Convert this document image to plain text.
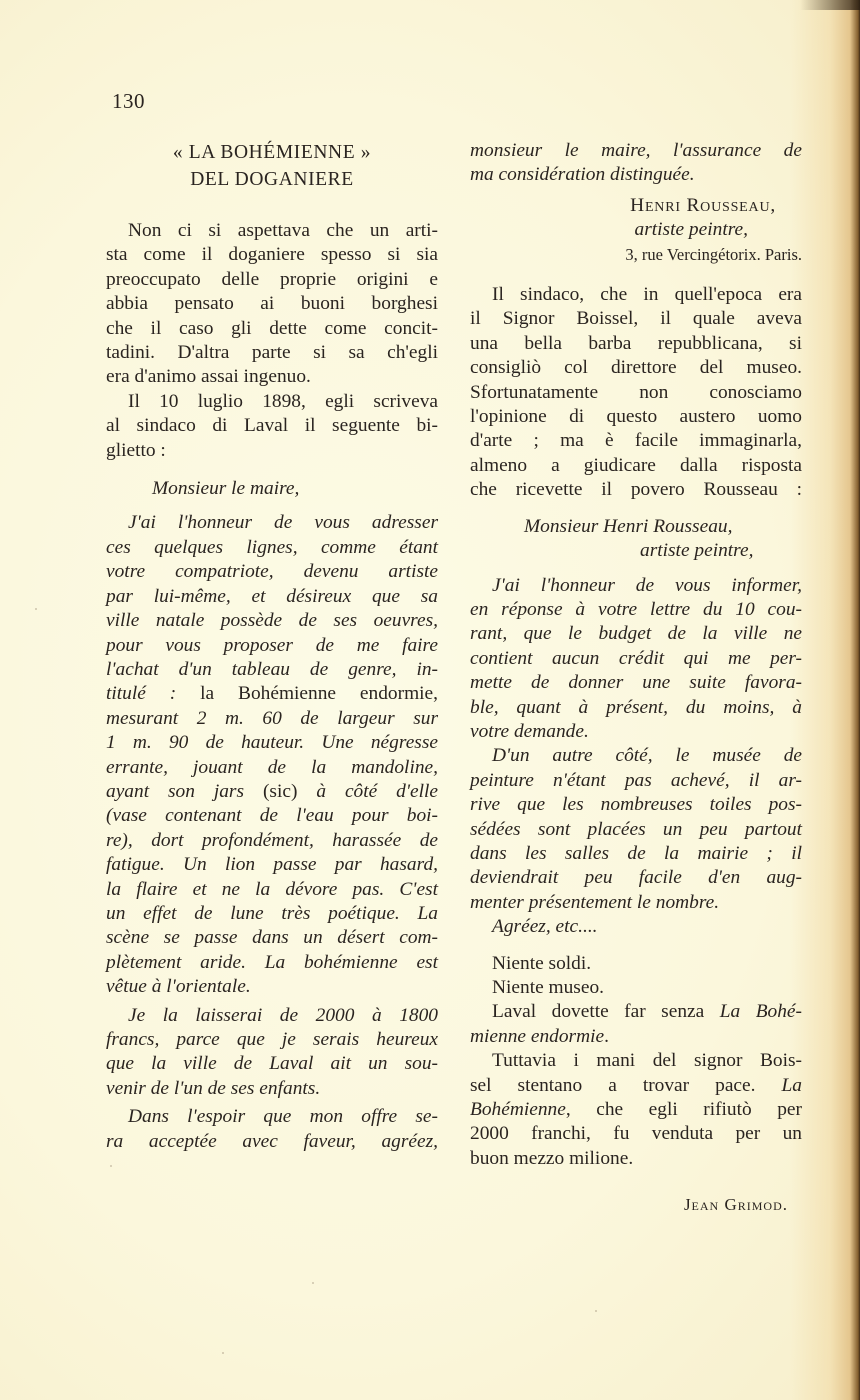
130
« LA BOHÉMIENNE »
DEL DOGANIERE

Non ci si aspettava che un arti-
sta come il doganiere spesso si sia
preoccupato delle proprie origini e
abbia pensato ai buoni borghesi
che il caso gli dette come concit-
tadini. D'altra parte si sa ch'egli
era d'animo assai ingenuo.

Il 10 luglio 1898, egli scriveva
al sindaco di Laval il seguente bi-
glietto :

Monsieur le maire,

J'ai l'honneur de vous adresser
ces quelques lignes, comme étant
votre compatriote, devenu artiste
par lui-même, et désireux que sa
ville natale possède de ses oeuvres,
pour vous proposer de me faire
l'achat d'un tableau de genre, in-
titulé : la Bohémienne endormie,
mesurant 2 m. 60 de largeur sur
1 m. 90 de hauteur. Une négresse
errante, jouant de la mandoline,
ayant son jars (sic) à côté d'elle
(vase contenant de l'eau pour boi-
re), dort profondément, harassée de
fatigue. Un lion passe par hasard,
la flaire et ne la dévore pas. C'est
un effet de lune très poétique. La
scène se passe dans un désert com-
plètement aride. La bohémienne est
vêtue à l'orientale.

Je la laisserai de 2000 à 1800
francs, parce que je serais heureux
que la ville de Laval ait un sou-
venir de l'un de ses enfants.

Dans l'espoir que mon offre se-
ra acceptée avec faveur, agréez,

monsieur le maire, l'assurance de
ma considération distinguée.

Henri Rousseau,
artiste peintre,
3, rue Vercingétorix. Paris.

Il sindaco, che in quell'epoca era
il Signor Boissel, il quale aveva
una bella barba repubblicana, si
consigliò col direttore del museo.
Sfortunatamente non conosciamo
l'opinione di questo austero uomo
d'arte ; ma è facile immaginarla,
almeno a giudicare dalla risposta
che ricevette il povero Rousseau :

Monsieur Henri Rousseau,
artiste peintre,

J'ai l'honneur de vous informer,
en réponse à votre lettre du 10 cou-
rant, que le budget de la ville ne
contient aucun crédit qui me per-
mette de donner une suite favora-
ble, quant à présent, du moins, à
votre demande.

D'un autre côté, le musée de
peinture n'étant pas achevé, il ar-
rive que les nombreuses toiles pos-
sédées sont placées un peu partout
dans les salles de la mairie ; il
deviendrait peu facile d'en aug-
menter présentement le nombre.

Agréez, etc....

Niente soldi.
Niente museo.
Laval dovette far senza La Bohé-
mienne endormie.
Tuttavia i mani del signor Bois-
sel stentano a trovar pace. La
Bohémienne, che egli rifiutò per
2000 franchi, fu venduta per un
buon mezzo milione.
Jean Grimod.
